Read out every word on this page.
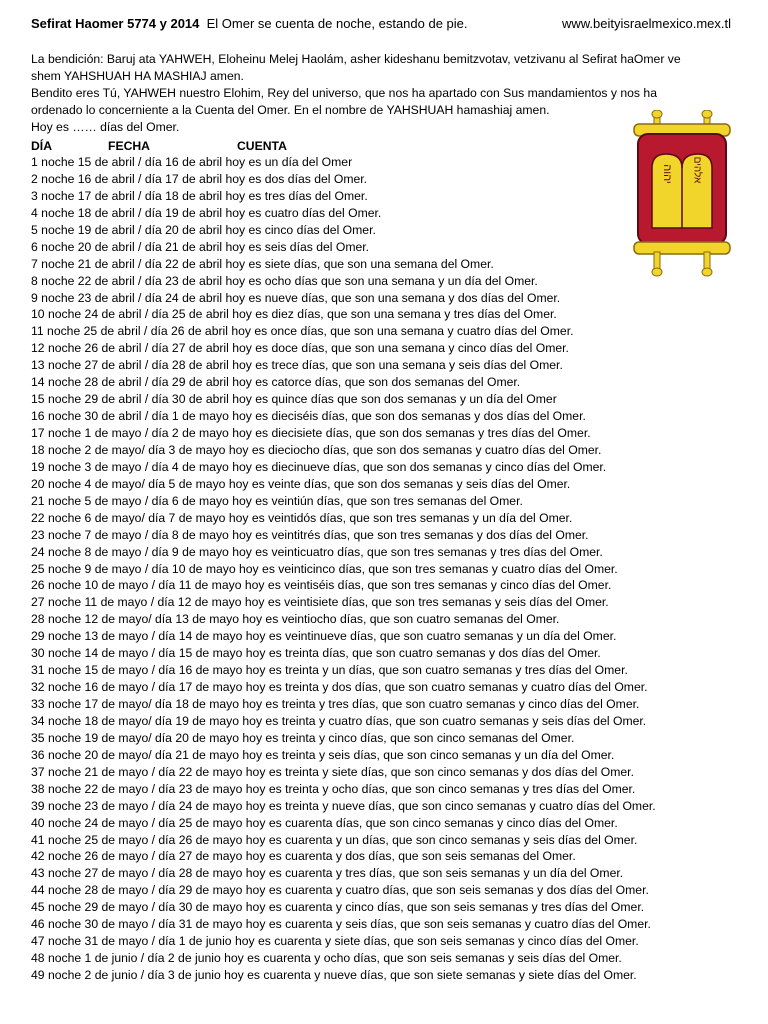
Sefirat Haomer 5774 y 2014 El Omer se cuenta de noche, estando de pie.	www.beityisraelmexico.mex.tl

La bendición: Baruj ata YAHWEH, Eloheinu Melej Haolám, asher kideshanu bemitzvotav, vetzivanu al Sefirat haOmer ve shem YAHSHUAH HA MASHIAJ amen.

Bendito eres Tú, YAHWEH nuestro Elohim, Rey del universo, que nos ha apartado con Sus mandamientos y nos ha ordenado lo concerniente a la Cuenta del Omer. En el nombre de YAHSHUAH hamashiaj amen.

Hoy es …… días del Omer.

DÍA	FECHA	CUENTA
1 noche 15 de abril / día 16 de abril hoy es un día del Omer
2 noche 16 de abril / día 17 de abril hoy es dos días del Omer.
3 noche 17 de abril / día 18 de abril hoy es tres días del Omer.
4 noche 18 de abril / día 19 de abril hoy es cuatro días del Omer.
5 noche 19 de abril / día 20 de abril hoy es cinco días del Omer.
6 noche 20 de abril / día 21 de abril hoy es seis días del Omer.
7 noche 21 de abril / día 22 de abril hoy es siete días, que son una semana del Omer.
8 noche 22 de abril / día 23 de abril hoy es ocho días que son una semana y un día del Omer.
9 noche 23 de abril / día 24 de abril hoy es nueve días, que son una semana y dos días del Omer.
10 noche 24 de abril / día 25 de abril hoy es diez días, que son una semana y tres días del Omer.
11 noche 25 de abril / día 26 de abril hoy es once días, que son una semana y cuatro días del Omer.
12 noche 26 de abril / día 27 de abril hoy es doce días, que son una semana y cinco días del Omer.
13 noche 27 de abril / día 28 de abril hoy es trece días, que son una semana y seis días del Omer.
14 noche 28 de abril / día 29 de abril hoy es catorce días, que son dos semanas del Omer.
15 noche 29 de abril / día 30 de abril hoy es quince días que son dos semanas y un día del Omer
16 noche 30 de abril / día 1 de mayo hoy es dieciséis días, que son dos semanas y dos días del Omer.
17 noche 1 de mayo / día 2 de mayo hoy es diecisiete días, que son dos semanas y tres días del Omer.
18 noche 2 de mayo/ día 3 de mayo hoy es dieciocho días, que son dos semanas y cuatro días del Omer.
19 noche 3 de mayo / día 4 de mayo hoy es diecinueve días, que son dos semanas y cinco días del Omer.
20 noche 4 de mayo/ día 5 de mayo hoy es veinte días, que son dos semanas y seis días del Omer.
21 noche 5 de mayo / día 6 de mayo hoy es veintiún días, que son tres semanas del Omer.
22 noche 6 de mayo/ día 7 de mayo hoy es veintidós días, que son tres semanas y un día del Omer.
23 noche 7 de mayo / día 8 de mayo hoy es veintitrés días, que son tres semanas y dos días del Omer.
24 noche 8 de mayo / día 9 de mayo hoy es veinticuatro días, que son tres semanas y tres días del Omer.
25 noche 9 de mayo / día 10 de mayo hoy es veinticinco días, que son tres semanas y cuatro días del Omer.
26 noche 10 de mayo / día 11 de mayo hoy es veintiséis días, que son tres semanas y cinco días del Omer.
27 noche 11 de mayo / día 12 de mayo hoy es veintisiete días, que son tres semanas y seis días del Omer.
28 noche 12 de mayo/ día 13 de mayo hoy es veintiocho días, que son cuatro semanas del Omer.
29 noche 13 de mayo / día 14 de mayo hoy es veintinueve días, que son cuatro semanas y un día del Omer.
30 noche 14 de mayo / día 15 de mayo hoy es treinta días, que son cuatro semanas y dos días del Omer.
31 noche 15 de mayo / día 16 de mayo hoy es treinta y un días, que son cuatro semanas y tres días del Omer.
32 noche 16 de mayo / día 17 de mayo hoy es treinta y dos días, que son cuatro semanas y cuatro días del Omer.
33 noche 17 de mayo/ día 18 de mayo hoy es treinta y tres días, que son cuatro semanas y cinco días del Omer.
34 noche 18 de mayo/ día 19 de mayo hoy es treinta y cuatro días, que son cuatro semanas y seis días del Omer.
35 noche 19 de mayo/ día 20 de mayo hoy es treinta y cinco días, que son cinco semanas del Omer.
36 noche 20 de mayo/ día 21 de mayo hoy es treinta y seis días, que son cinco semanas y un día del Omer.
37 noche 21 de mayo / día 22 de mayo hoy es treinta y siete días, que son cinco semanas y dos días del Omer.
38 noche 22 de mayo / día 23 de mayo hoy es treinta y ocho días, que son cinco semanas y tres días del Omer.
39 noche 23 de mayo / día 24 de mayo hoy es treinta y nueve días, que son cinco semanas y cuatro días del Omer.
40 noche 24 de mayo / día 25 de mayo hoy es cuarenta días, que son cinco semanas y cinco días del Omer.
41 noche 25 de mayo / día 26 de mayo hoy es cuarenta y un días, que son cinco semanas y seis días del Omer.
42 noche 26 de mayo / día 27 de mayo hoy es cuarenta y dos días, que son seis semanas del Omer.
43 noche 27 de mayo / día 28 de mayo hoy es cuarenta y tres días, que son seis semanas y un día del Omer.
44 noche 28 de mayo / día 29 de mayo hoy es cuarenta y cuatro días, que son seis semanas y dos días del Omer.
45 noche 29 de mayo / día 30 de mayo hoy es cuarenta y cinco días, que son seis semanas y tres días del Omer.
46 noche 30 de mayo / día 31 de mayo hoy es cuarenta y seis días, que son seis semanas y cuatro días del Omer.
47 noche 31 de mayo / día 1 de junio hoy es cuarenta y siete días, que son seis semanas y cinco días del Omer.
48 noche 1 de junio / día 2 de junio hoy es cuarenta y ocho días, que son seis semanas y seis días del Omer.
49 noche 2 de junio / día 3 de junio hoy es cuarenta y nueve días, que son siete semanas y siete días del Omer.
יהוה אלהים
